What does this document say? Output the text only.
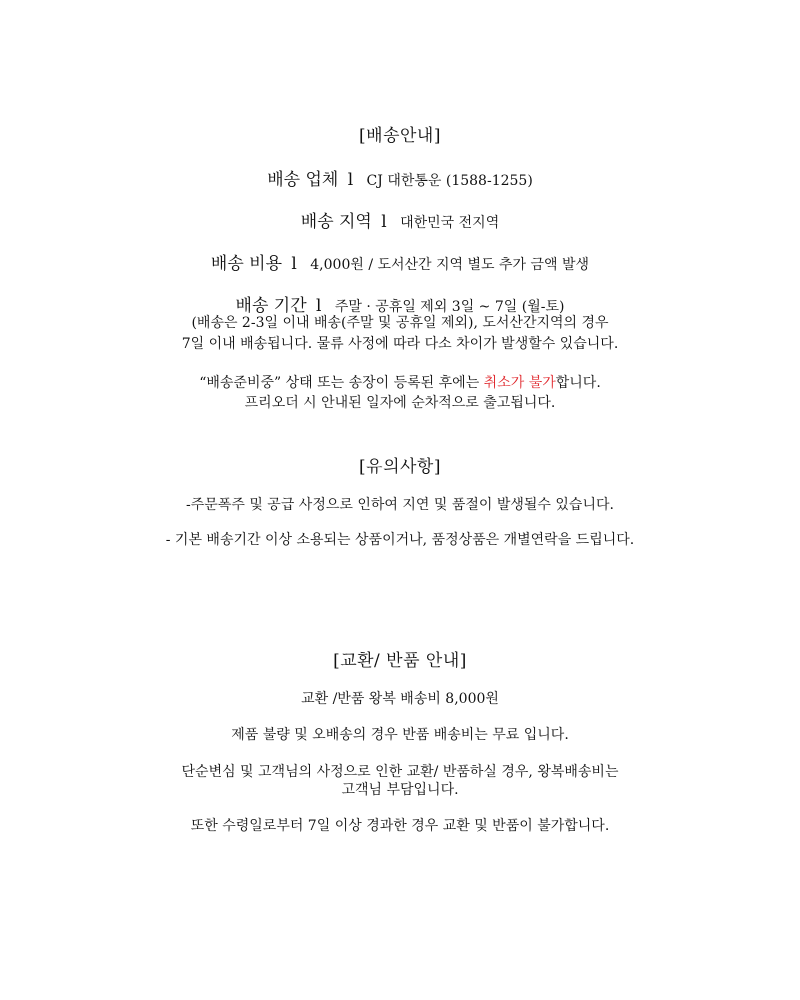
[배송안내]
배송 업체 l CJ 대한통운 (1588-1255)
배송 지역 l 대한민국 전지역
배송 비용 l 4,000원 / 도서산간 지역 별도 추가 금액 발생
배송 기간 l 주말 · 공휴일 제외 3일 ~ 7일 (월-토)
(배송은 2-3일 이내 배송(주말 및 공휴일 제외), 도서산간지역의 경우
7일 이내 배송됩니다. 물류 사정에 따라 다소 차이가 발생할수 있습니다.
“배송준비중” 상태 또는 송장이 등록된 후에는 취소가 불가합니다.
프리오더 시 안내된 일자에 순차적으로 출고됩니다.
[유의사항]
-주문폭주 및 공급 사정으로 인하여 지연 및 품절이 발생될수 있습니다.
- 기본 배송기간 이상 소용되는 상품이거나, 품정상품은 개별연락을 드립니다.
[교환/ 반품 안내]
교환 /반품 왕복 배송비 8,000원
제품 불량 및 오배송의 경우 반품 배송비는 무료 입니다.
단순변심 및 고객님의 사정으로 인한 교환/ 반품하실 경우, 왕복배송비는
고객님 부담입니다.
또한 수령일로부터 7일 이상 경과한 경우 교환 및 반품이 불가합니다.
